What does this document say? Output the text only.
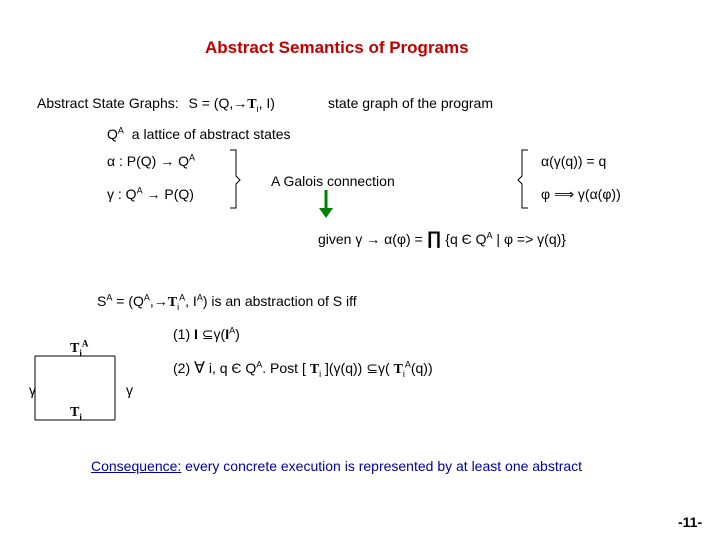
Abstract Semantics of Programs
Abstract State Graphs: $S = (Q,\to T_i$, I)	state graph of the program
$Q^A$ a lattice of abstract states
α : $P(Q) \to Q^A$
γ : $Q^A \to P(Q)$
A Galois connection
α(γ(q)) = q
φ ⟹ γ(α(φ))
given γ → α(φ) = ∏ {q Є $Q^A$ | φ => γ(q)}
$S^A = (Q^A,\to T_i^A$, $I^A$) is an abstraction of S iff
(1) I $⊆\gamma(I^A)$
(2) ∀ i, q Є $Q^A$. Post [ $T_i$ ](γ(q)) ⊆γ( $T_i^A(q)$)
$T_i^A$
$T_i$
γ	γ
Consequence: every concrete execution is represented by at least one abstract
-11-
